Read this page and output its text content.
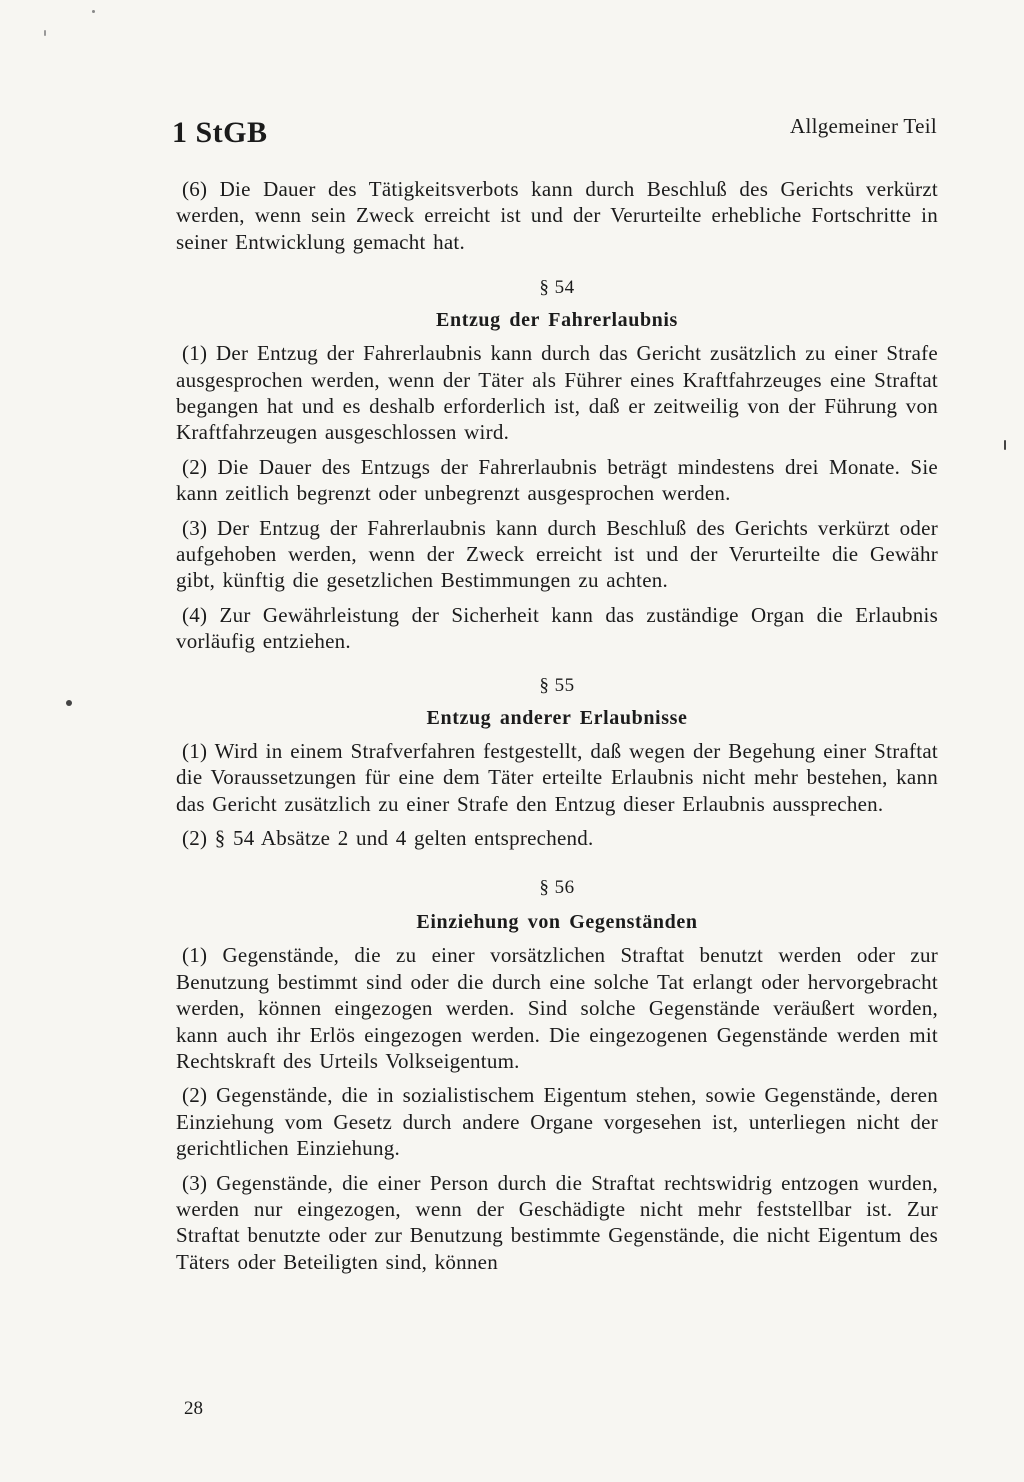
1 StGB	Allgemeiner Teil

(6) Die Dauer des Tätigkeitsverbots kann durch Beschluß des Gerichts verkürzt werden, wenn sein Zweck erreicht ist und der Verurteilte erhebliche Fortschritte in seiner Entwicklung gemacht hat.

§ 54

Entzug der Fahrerlaubnis

(1) Der Entzug der Fahrerlaubnis kann durch das Gericht zusätzlich zu einer Strafe ausgesprochen werden, wenn der Täter als Führer eines Kraftfahrzeuges eine Straftat begangen hat und es deshalb erforderlich ist, daß er zeitweilig von der Führung von Kraftfahrzeugen ausgeschlossen wird.

(2) Die Dauer des Entzugs der Fahrerlaubnis beträgt mindestens drei Monate. Sie kann zeitlich begrenzt oder unbegrenzt ausgesprochen werden.

(3) Der Entzug der Fahrerlaubnis kann durch Beschluß des Gerichts verkürzt oder aufgehoben werden, wenn der Zweck erreicht ist und der Verurteilte die Gewähr gibt, künftig die gesetzlichen Bestimmungen zu achten.

(4) Zur Gewährleistung der Sicherheit kann das zuständige Organ die Erlaubnis vorläufig entziehen.

§ 55

Entzug anderer Erlaubnisse

(1) Wird in einem Strafverfahren festgestellt, daß wegen der Begehung einer Straftat die Voraussetzungen für eine dem Täter erteilte Erlaubnis nicht mehr bestehen, kann das Gericht zusätzlich zu einer Strafe den Entzug dieser Erlaubnis aussprechen.

(2) § 54 Absätze 2 und 4 gelten entsprechend.

§ 56

Einziehung von Gegenständen

(1) Gegenstände, die zu einer vorsätzlichen Straftat benutzt werden oder zur Benutzung bestimmt sind oder die durch eine solche Tat erlangt oder hervorgebracht werden, können eingezogen werden. Sind solche Gegenstände veräußert worden, kann auch ihr Erlös eingezogen werden. Die eingezogenen Gegenstände werden mit Rechtskraft des Urteils Volkseigentum.

(2) Gegenstände, die in sozialistischem Eigentum stehen, sowie Gegenstände, deren Einziehung vom Gesetz durch andere Organe vorgesehen ist, unterliegen nicht der gerichtlichen Einziehung.

(3) Gegenstände, die einer Person durch die Straftat rechtswidrig entzogen wurden, werden nur eingezogen, wenn der Geschädigte nicht mehr feststellbar ist. Zur Straftat benutzte oder zur Benutzung bestimmte Gegenstände, die nicht Eigentum des Täters oder Beteiligten sind, können

28
